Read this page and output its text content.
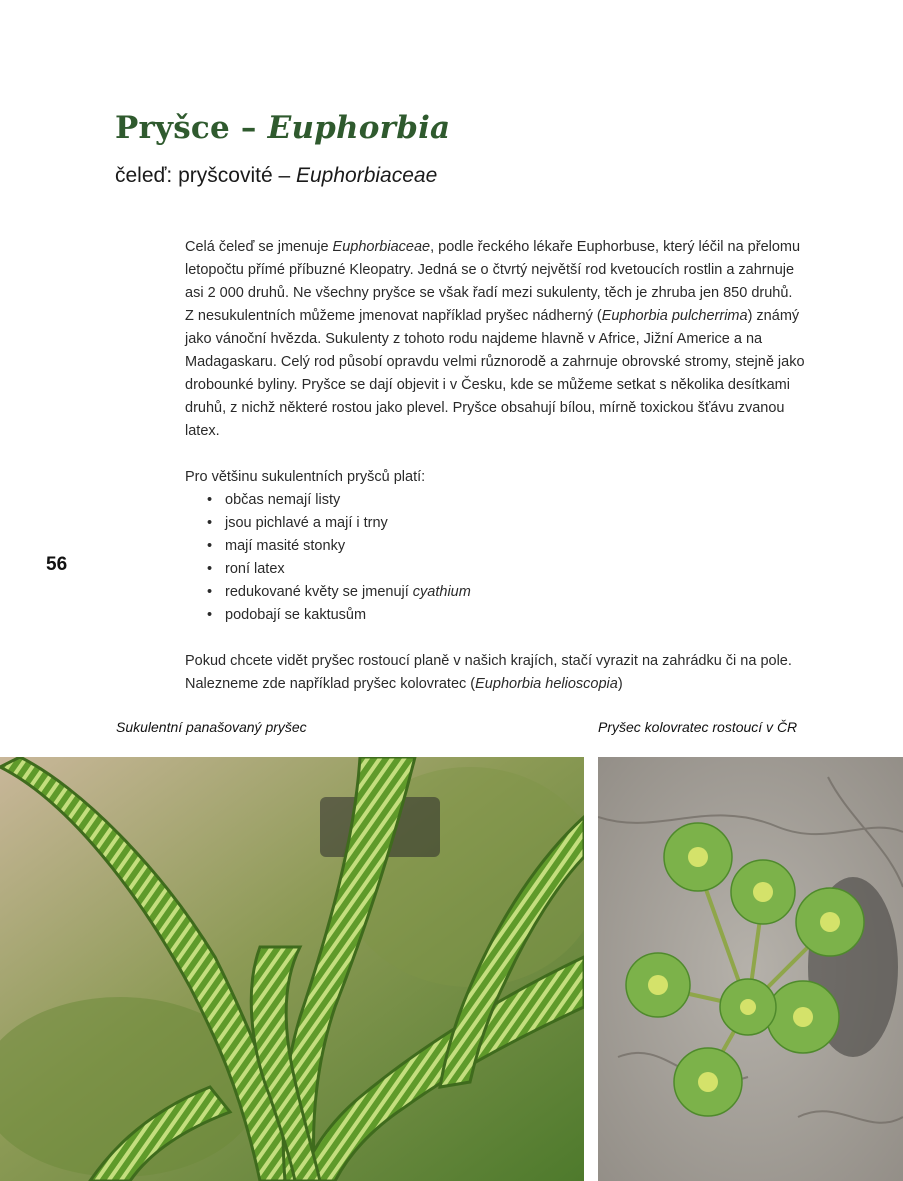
Pryšce – Euphorbia
čeleď: pryšcovité – Euphorbiaceae

Celá čeleď se jmenuje Euphorbiaceae, podle řeckého lékaře Euphorbuse, který léčil na přelomu letopočtu přímé příbuzné Kleopatry. Jedná se o čtvrtý největší rod kvetoucích rostlin a zahrnuje asi 2 000 druhů. Ne všechny pryšce se však řadí mezi sukulenty, těch je zhruba jen 850 druhů. Z nesukulentních můžeme jmenovat například pryšec nádherný (Euphorbia pulcherrima) známý jako vánoční hvězda. Sukulenty z tohoto rodu najdeme hlavně v Africe, Jižní Americe a na Madagaskaru. Celý rod působí opravdu velmi různorodě a zahrnuje obrovské stromy, stejně jako drobounké byliny. Pryšce se dají objevit i v Česku, kde se můžeme setkat s několika desítkami druhů, z nichž některé rostou jako plevel. Pryšce obsahují bílou, mírně toxickou šťávu zvanou latex.

Pro většinu sukulentních pryšců platí:

• občas nemají listy
• jsou pichlavé a mají i trny
• mají masité stonky
• roní latex
• redukované květy se jmenují cyathium
• podobají se kaktusům

Pokud chcete vidět pryšec rostoucí planě v našich krajích, stačí vyrazit na zahrádku či na pole. Nalezneme zde například pryšec kolovratec (Euphorbia helioscopia)

56
Sukulentní panašovaný pryšec	Pryšec kolovratec rostoucí v ČR
